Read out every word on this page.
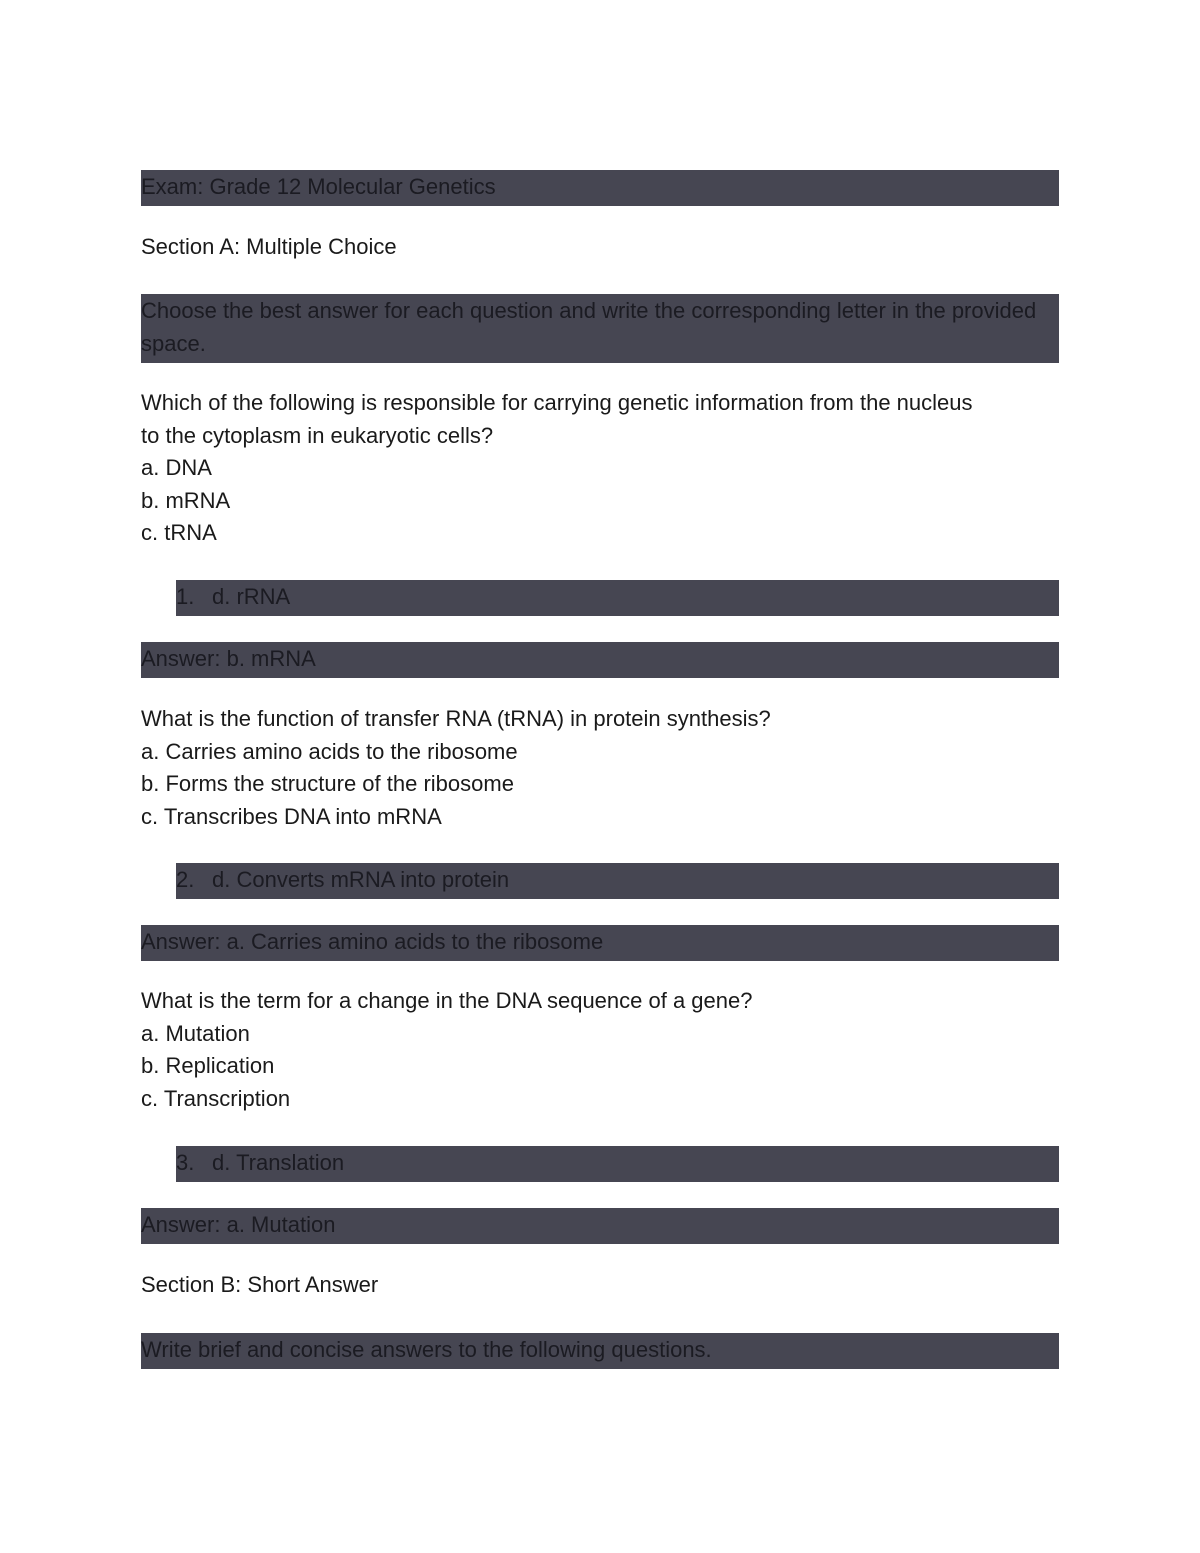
Exam: Grade 12 Molecular Genetics
Section A: Multiple Choice
Choose the best answer for each question and write the corresponding letter in the provided space.
Which of the following is responsible for carrying genetic information from the nucleus
to the cytoplasm in eukaryotic cells?
a. DNA
b. mRNA
c. tRNA
1. d. rRNA
Answer: b. mRNA
What is the function of transfer RNA (tRNA) in protein synthesis?
a. Carries amino acids to the ribosome
b. Forms the structure of the ribosome
c. Transcribes DNA into mRNA
2. d. Converts mRNA into protein
Answer: a. Carries amino acids to the ribosome
What is the term for a change in the DNA sequence of a gene?
a. Mutation
b. Replication
c. Transcription
3. d. Translation
Answer: a. Mutation
Section B: Short Answer
Write brief and concise answers to the following questions.
